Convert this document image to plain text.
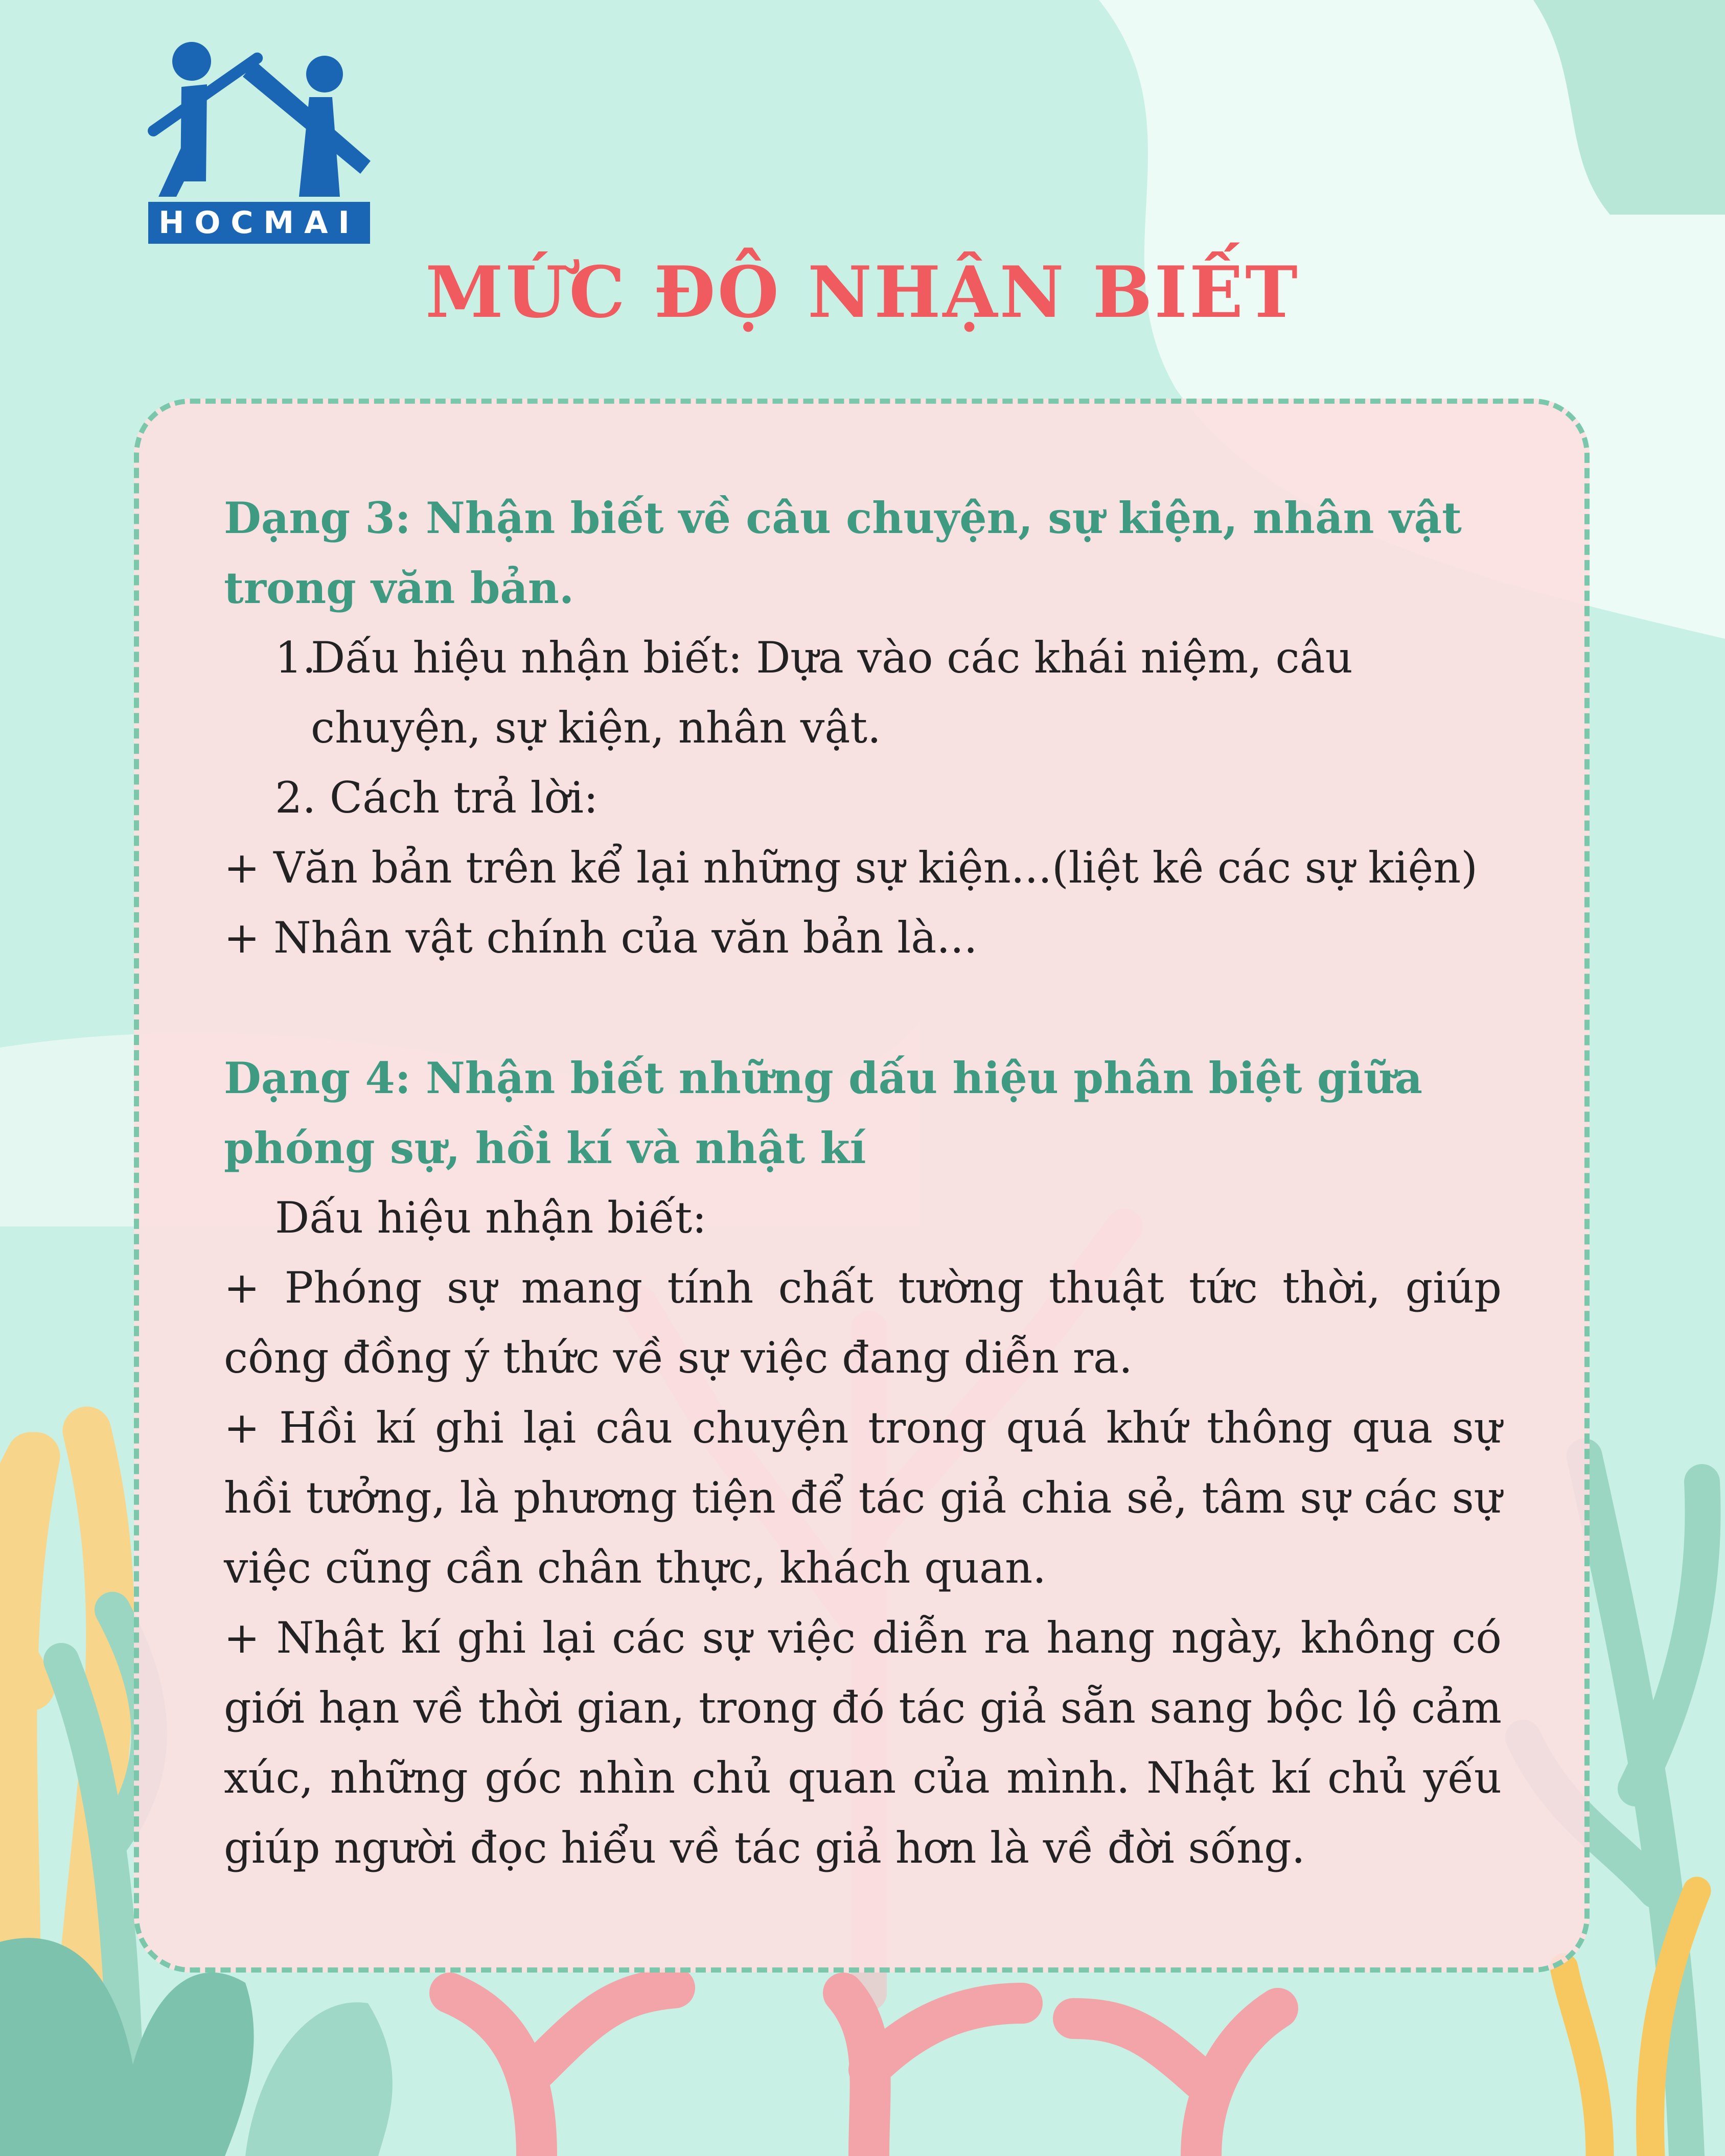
HOCMAI
MỨC ĐỘ NHẬN BIẾT

Dạng 3: Nhận biết về câu chuyện, sự kiện, nhân vật trong văn bản.

1.Dấu hiệu nhận biết: Dựa vào các khái niệm, câu chuyện, sự kiện, nhân vật.

2. Cách trả lời:

+ Văn bản trên kể lại những sự kiện...(liệt kê các sự kiện)

+ Nhân vật chính của văn bản là...

Dạng 4: Nhận biết những dấu hiệu phân biệt giữa phóng sự, hồi kí và nhật kí

Dấu hiệu nhận biết:

+ Phóng sự mang tính chất tường thuật tức thời, giúp công đồng ý thức về sự việc đang diễn ra.

+ Hồi kí ghi lại câu chuyện trong quá khứ thông qua sự hồi tưởng, là phương tiện để tác giả chia sẻ, tâm sự các sự việc cũng cần chân thực, khách quan.

+ Nhật kí ghi lại các sự việc diễn ra hang ngày, không có giới hạn về thời gian, trong đó tác giả sẵn sang bộc lộ cảm xúc, những góc nhìn chủ quan của mình. Nhật kí chủ yếu giúp người đọc hiểu về tác giả hơn là về đời sống.
